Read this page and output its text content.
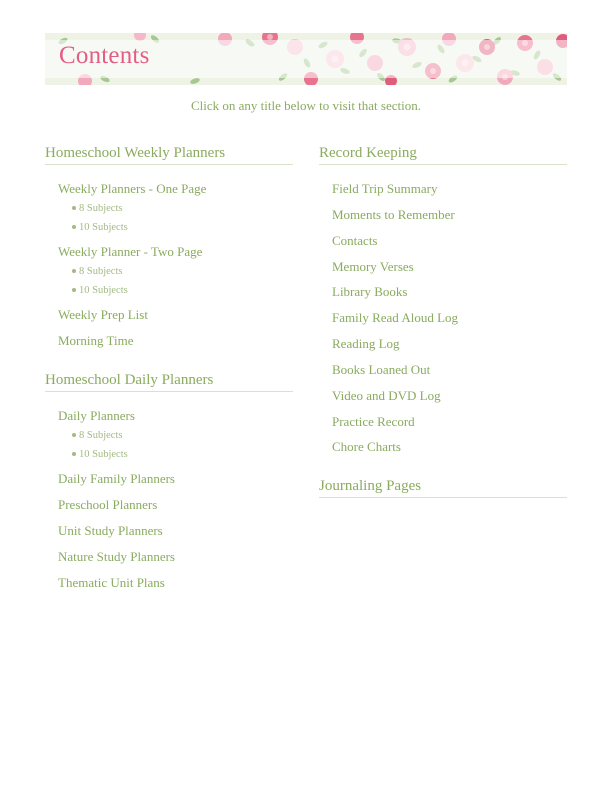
Contents
Click on any title below to visit that section.
Homeschool Weekly Planners
Weekly Planners - One Page
8 Subjects
10 Subjects
Weekly Planner - Two Page
8 Subjects
10 Subjects
Weekly Prep List
Morning Time
Homeschool Daily Planners
Daily Planners
8 Subjects
10 Subjects
Daily Family Planners
Preschool Planners
Unit Study Planners
Nature Study Planners
Thematic Unit Plans
Record Keeping
Field Trip Summary
Moments to Remember
Contacts
Memory Verses
Library Books
Family Read Aloud Log
Reading Log
Books Loaned Out
Video and DVD Log
Practice Record
Chore Charts
Journaling Pages
